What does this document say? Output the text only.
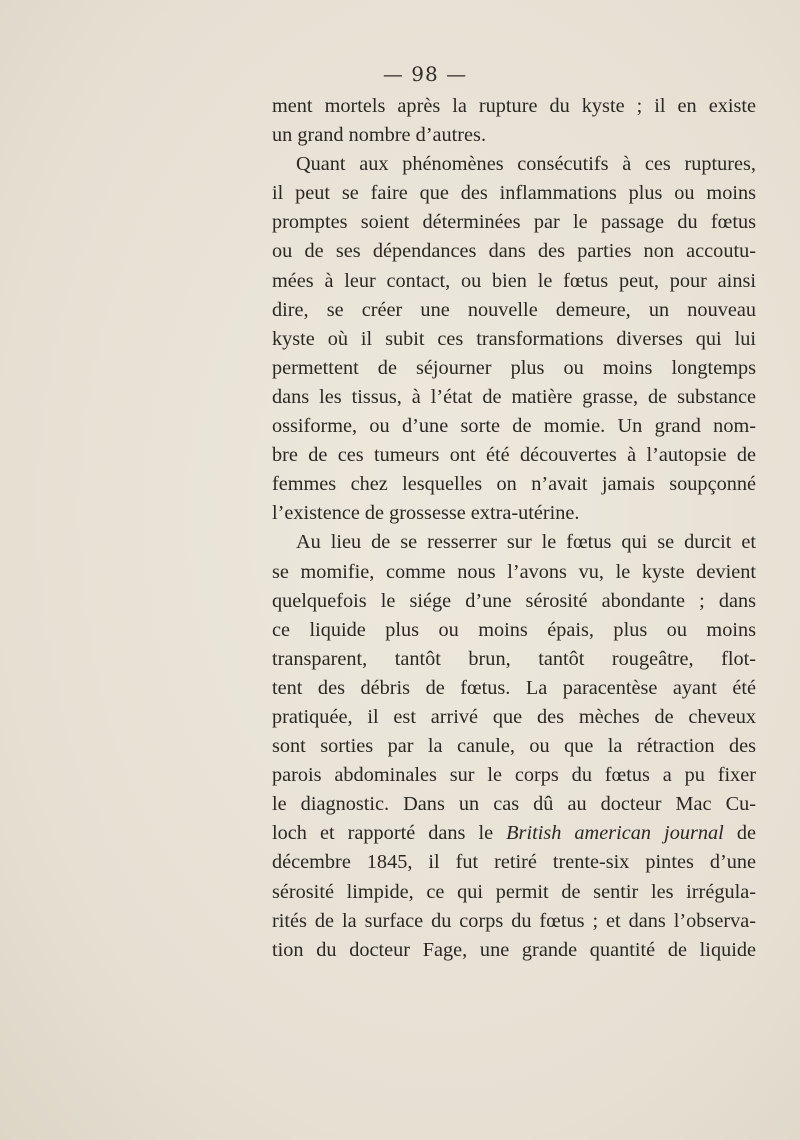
— 98 —
ment mortels après la rupture du kyste ; il en existe
un grand nombre d’autres.
Quant aux phénomènes consécutifs à ces ruptures,
il peut se faire que des inflammations plus ou moins
promptes soient déterminées par le passage du fœtus
ou de ses dépendances dans des parties non accoutu-
mées à leur contact, ou bien le fœtus peut, pour ainsi
dire, se créer une nouvelle demeure, un nouveau
kyste où il subit ces transformations diverses qui lui
permettent de séjourner plus ou moins longtemps
dans les tissus, à l’état de matière grasse, de substance
ossiforme, ou d’une sorte de momie. Un grand nom-
bre de ces tumeurs ont été découvertes à l’autopsie de
femmes chez lesquelles on n’avait jamais soupçonné
l’existence de grossesse extra-utérine.
Au lieu de se resserrer sur le fœtus qui se durcit et
se momifie, comme nous l’avons vu, le kyste devient
quelquefois le siége d’une sérosité abondante ; dans
ce liquide plus ou moins épais, plus ou moins
transparent, tantôt brun, tantôt rougeâtre, flot-
tent des débris de fœtus. La paracentèse ayant été
pratiquée, il est arrivé que des mèches de cheveux
sont sorties par la canule, ou que la rétraction des
parois abdominales sur le corps du fœtus a pu fixer
le diagnostic. Dans un cas dû au docteur Mac Cu-
loch et rapporté dans le British american journal de
décembre 1845, il fut retiré trente-six pintes d’une
sérosité limpide, ce qui permit de sentir les irrégula-
rités de la surface du corps du fœtus ; et dans l’observa-
tion du docteur Fage, une grande quantité de liquide
